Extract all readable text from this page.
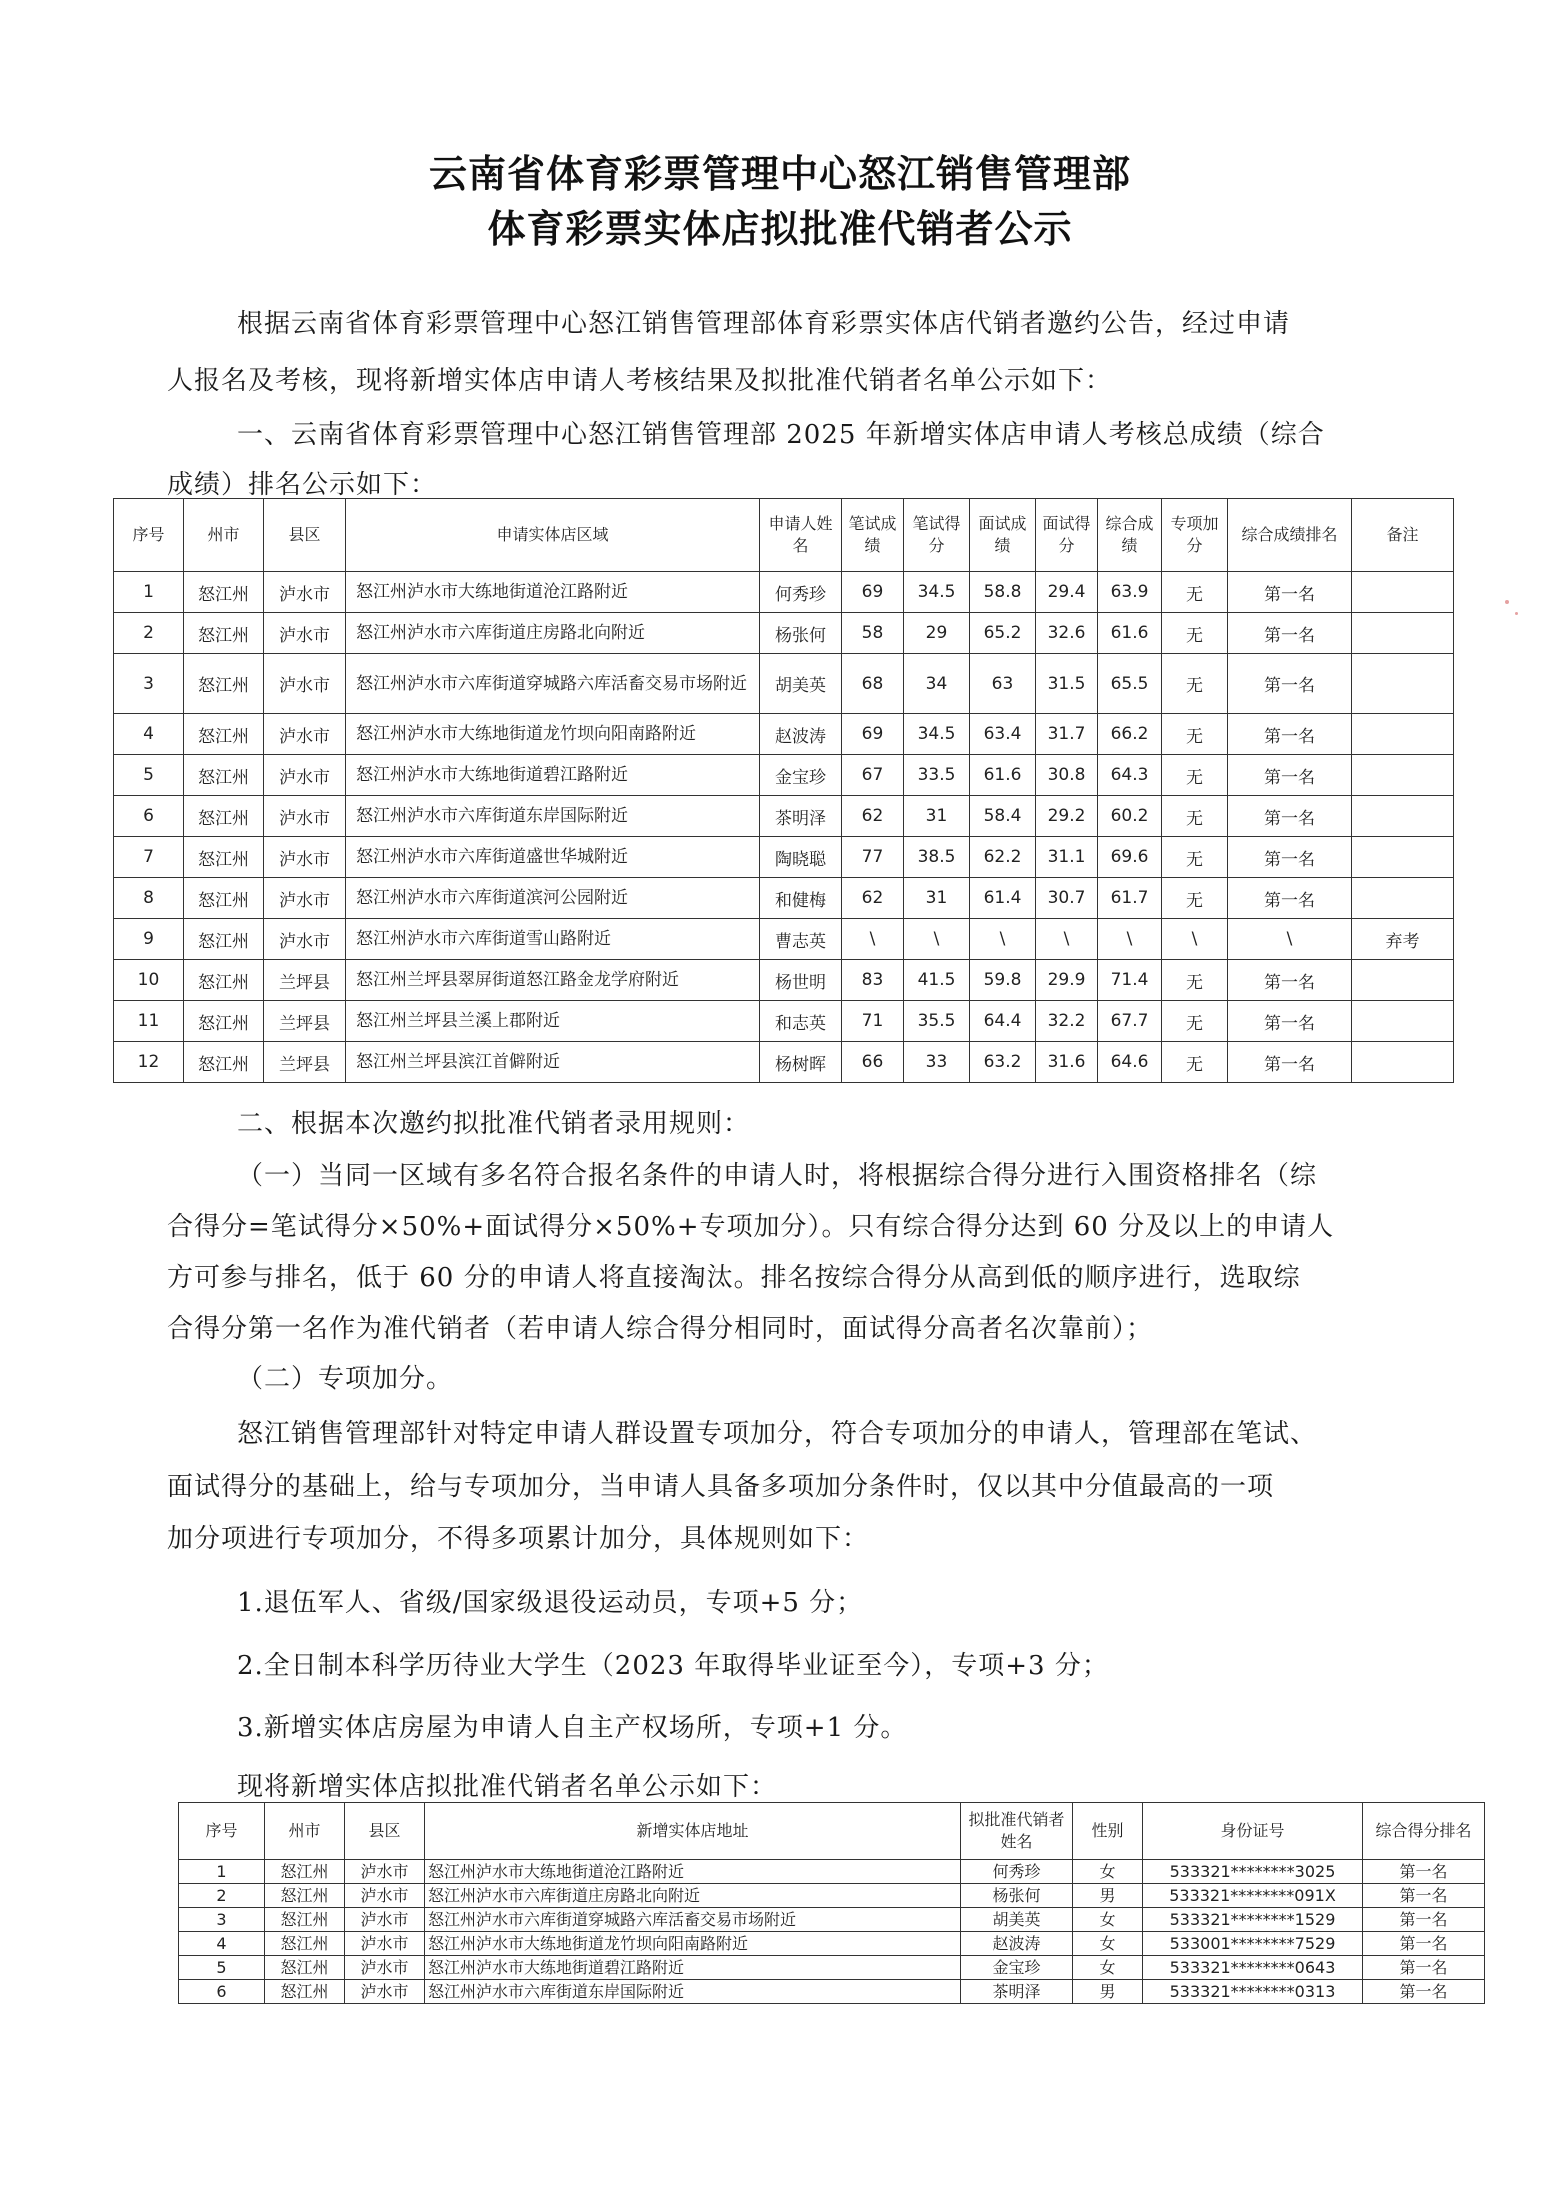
云南省体育彩票管理中心怒江销售管理部
体育彩票实体店拟批准代销者公示
根据云南省体育彩票管理中心怒江销售管理部体育彩票实体店代销者邀约公告，经过申请
人报名及考核，现将新增实体店申请人考核结果及拟批准代销者名单公示如下：
一、云南省体育彩票管理中心怒江销售管理部 2025 年新增实体店申请人考核总成绩（综合
成绩）排名公示如下：
序号	州市	县区	申请实体店区域	申请人姓名	笔试成绩	笔试得分	面试成绩	面试得分	综合成绩	专项加分	综合成绩排名	备注
1	怒江州	泸水市	怒江州泸水市大练地街道沧江路附近	何秀珍	69	34.5	58.8	29.4	63.9	无	第一名	
2	怒江州	泸水市	怒江州泸水市六库街道庄房路北向附近	杨张何	58	29	65.2	32.6	61.6	无	第一名	
3	怒江州	泸水市	怒江州泸水市六库街道穿城路六库活畜交易市场附近	胡美英	68	34	63	31.5	65.5	无	第一名	
4	怒江州	泸水市	怒江州泸水市大练地街道龙竹坝向阳南路附近	赵波涛	69	34.5	63.4	31.7	66.2	无	第一名	
5	怒江州	泸水市	怒江州泸水市大练地街道碧江路附近	金宝珍	67	33.5	61.6	30.8	64.3	无	第一名	
6	怒江州	泸水市	怒江州泸水市六库街道东岸国际附近	茶明泽	62	31	58.4	29.2	60.2	无	第一名	
7	怒江州	泸水市	怒江州泸水市六库街道盛世华城附近	陶晓聪	77	38.5	62.2	31.1	69.6	无	第一名	
8	怒江州	泸水市	怒江州泸水市六库街道滨河公园附近	和健梅	62	31	61.4	30.7	61.7	无	第一名	
9	怒江州	泸水市	怒江州泸水市六库街道雪山路附近	曹志英	\	\	\	\	\	\	\	弃考
10	怒江州	兰坪县	怒江州兰坪县翠屏街道怒江路金龙学府附近	杨世明	83	41.5	59.8	29.9	71.4	无	第一名	
11	怒江州	兰坪县	怒江州兰坪县兰溪上郡附近	和志英	71	35.5	64.4	32.2	67.7	无	第一名	
12	怒江州	兰坪县	怒江州兰坪县滨江首僻附近	杨树晖	66	33	63.2	31.6	64.6	无	第一名	
二、根据本次邀约拟批准代销者录用规则：
（一）当同一区域有多名符合报名条件的申请人时，将根据综合得分进行入围资格排名（综
合得分=笔试得分×50%+面试得分×50%+专项加分）。只有综合得分达到 60 分及以上的申请人
方可参与排名，低于 60 分的申请人将直接淘汰。排名按综合得分从高到低的顺序进行，选取综
合得分第一名作为准代销者（若申请人综合得分相同时，面试得分高者名次靠前）；
（二）专项加分。
怒江销售管理部针对特定申请人群设置专项加分，符合专项加分的申请人，管理部在笔试、
面试得分的基础上，给与专项加分，当申请人具备多项加分条件时，仅以其中分值最高的一项
加分项进行专项加分，不得多项累计加分，具体规则如下：
1.退伍军人、省级/国家级退役运动员，专项+5 分；
2.全日制本科学历待业大学生（2023 年取得毕业证至今），专项+3 分；
3.新增实体店房屋为申请人自主产权场所，专项+1 分。
现将新增实体店拟批准代销者名单公示如下：
序号	州市	县区	新增实体店地址	拟批准代销者姓名	性别	身份证号	综合得分排名
1	怒江州	泸水市	怒江州泸水市大练地街道沧江路附近	何秀珍	女	533321********3025	第一名
2	怒江州	泸水市	怒江州泸水市六库街道庄房路北向附近	杨张何	男	533321********091X	第一名
3	怒江州	泸水市	怒江州泸水市六库街道穿城路六库活畜交易市场附近	胡美英	女	533321********1529	第一名
4	怒江州	泸水市	怒江州泸水市大练地街道龙竹坝向阳南路附近	赵波涛	女	533001********7529	第一名
5	怒江州	泸水市	怒江州泸水市大练地街道碧江路附近	金宝珍	女	533321********0643	第一名
6	怒江州	泸水市	怒江州泸水市六库街道东岸国际附近	茶明泽	男	533321********0313	第一名
